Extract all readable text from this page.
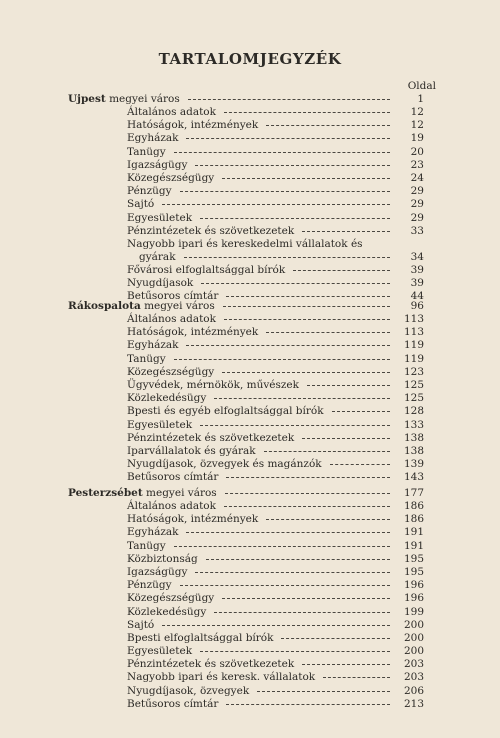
TARTALOMJEGYZÉK
Oldal
Ujpest megyei város	1
Általános adatok	12
Hatóságok, intézmények	12
Egyházak	19
Tanügy	20
Igazságügy	23
Közegészségügy	24
Pénzügy	29
Sajtó	29
Egyesületek	29
Pénzintézetek és szövetkezetek	33
Nagyobb ipari és kereskedelmi vállalatok és
gyárak	34
Fővárosi elfoglaltsággal bírók	39
Nyugdíjasok	39
Betűsoros címtár	44
Rákospalota megyei város	96
Általános adatok	113
Hatóságok, intézmények	113
Egyházak	119
Tanügy	119
Közegészségügy	123
Ügyvédek, mérnökök, művészek	125
Közlekedésügy	125
Bpesti és egyéb elfoglaltsággal bírók	128
Egyesületek	133
Pénzintézetek és szövetkezetek	138
Iparvállalatok és gyárak	138
Nyugdíjasok, özvegyek és magánzók	139
Betűsoros címtár	143
Pesterzsébet megyei város	177
Általános adatok	186
Hatóságok, intézmények	186
Egyházak	191
Tanügy	191
Közbiztonság	195
Igazságügy	195
Pénzügy	196
Közegészségügy	196
Közlekedésügy	199
Sajtó	200
Bpesti elfoglaltsággal bírók	200
Egyesületek	200
Pénzintézetek és szövetkezetek	203
Nagyobb ipari és keresk. vállalatok	203
Nyugdíjasok, özvegyek	206
Betűsoros címtár	213
